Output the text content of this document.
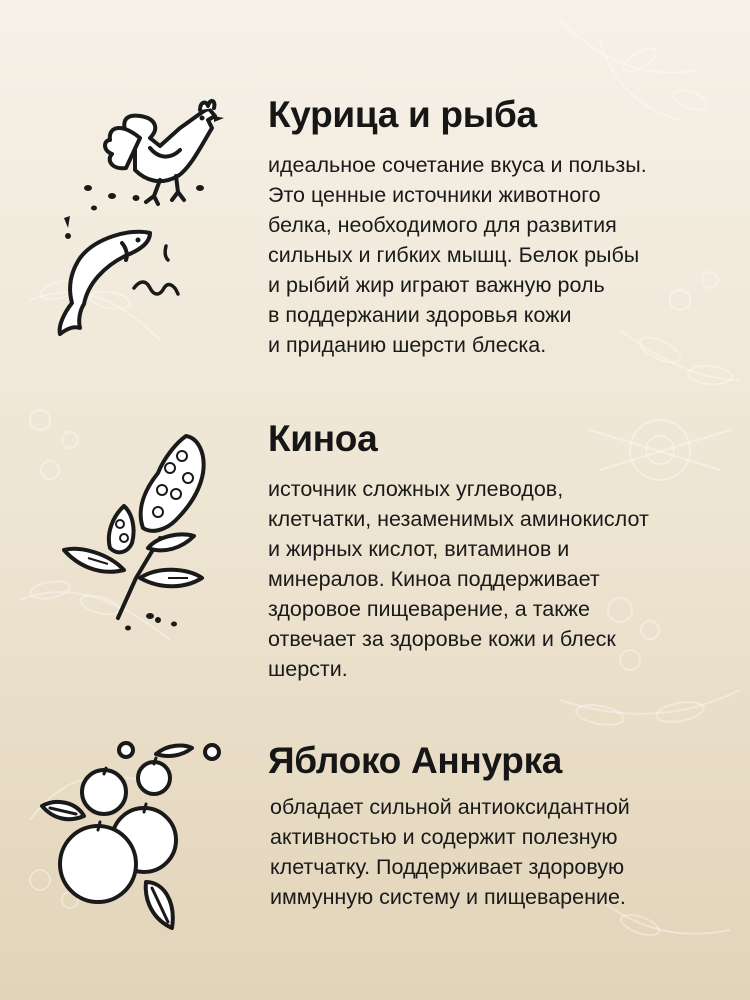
Курица и рыба

идеальное сочетание вкуса и пользы.
Это ценные источники животного
белка, необходимого для развития
сильных и гибких мышц. Белок рыбы
и рыбий жир играют важную роль
в поддержании здоровья кожи
и приданию шерсти блеска.

Киноа

источник сложных углеводов,
клетчатки, незаменимых аминокислот
и жирных кислот, витаминов и
минералов. Киноа поддерживает
здоровое пищеварение, а также
отвечает за здоровье кожи и блеск
шерсти.

Яблоко Аннурка

обладает сильной антиоксидантной
активностью и содержит полезную
клетчатку. Поддерживает здоровую
иммунную систему и пищеварение.
